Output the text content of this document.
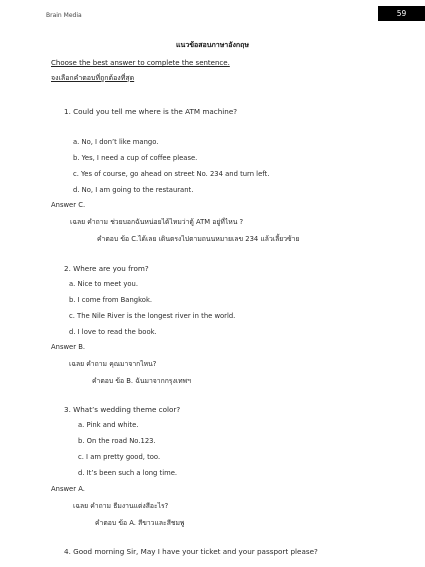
Brain Media	59
แนวข้อสอบภาษาอังกฤษ
Choose the best answer to complete the sentence.
จงเลือกคำตอบที่ถูกต้องที่สุด
1. Could you tell me where is the ATM machine?
a. No, I don’t like mango.
b. Yes, I need a cup of coffee please.
c. Yes of course, go ahead on street No. 234 and turn left.
d. No, I am going to the restaurant.
Answer C.
เฉลย คำถาม ช่วยบอกฉันหน่อยได้ไหมว่าตู้ ATM อยู่ที่ไหน ?
คำตอบ ข้อ C.ได้เลย เดินตรงไปตามถนนหมายเลข 234 แล้วเลี้ยวซ้าย
2. Where are you from?
a. Nice to meet you.
b. I come from Bangkok.
c. The Nile River is the longest river in the world.
d. I love to read the book.
Answer B.
เฉลย คำถาม คุณมาจากไหน?
คำตอบ ข้อ B. ฉันมาจากกรุงเทพฯ
3. What’s wedding theme color?
a. Pink and white.
b. On the road No.123.
c. I am pretty good, too.
d. It’s been such a long time.
Answer A.
เฉลย คำถาม ธีมงานแต่งสีอะไร?
คำตอบ ข้อ A. สีขาวและสีชมพู
4. Good morning Sir, May I have your ticket and your passport please?
